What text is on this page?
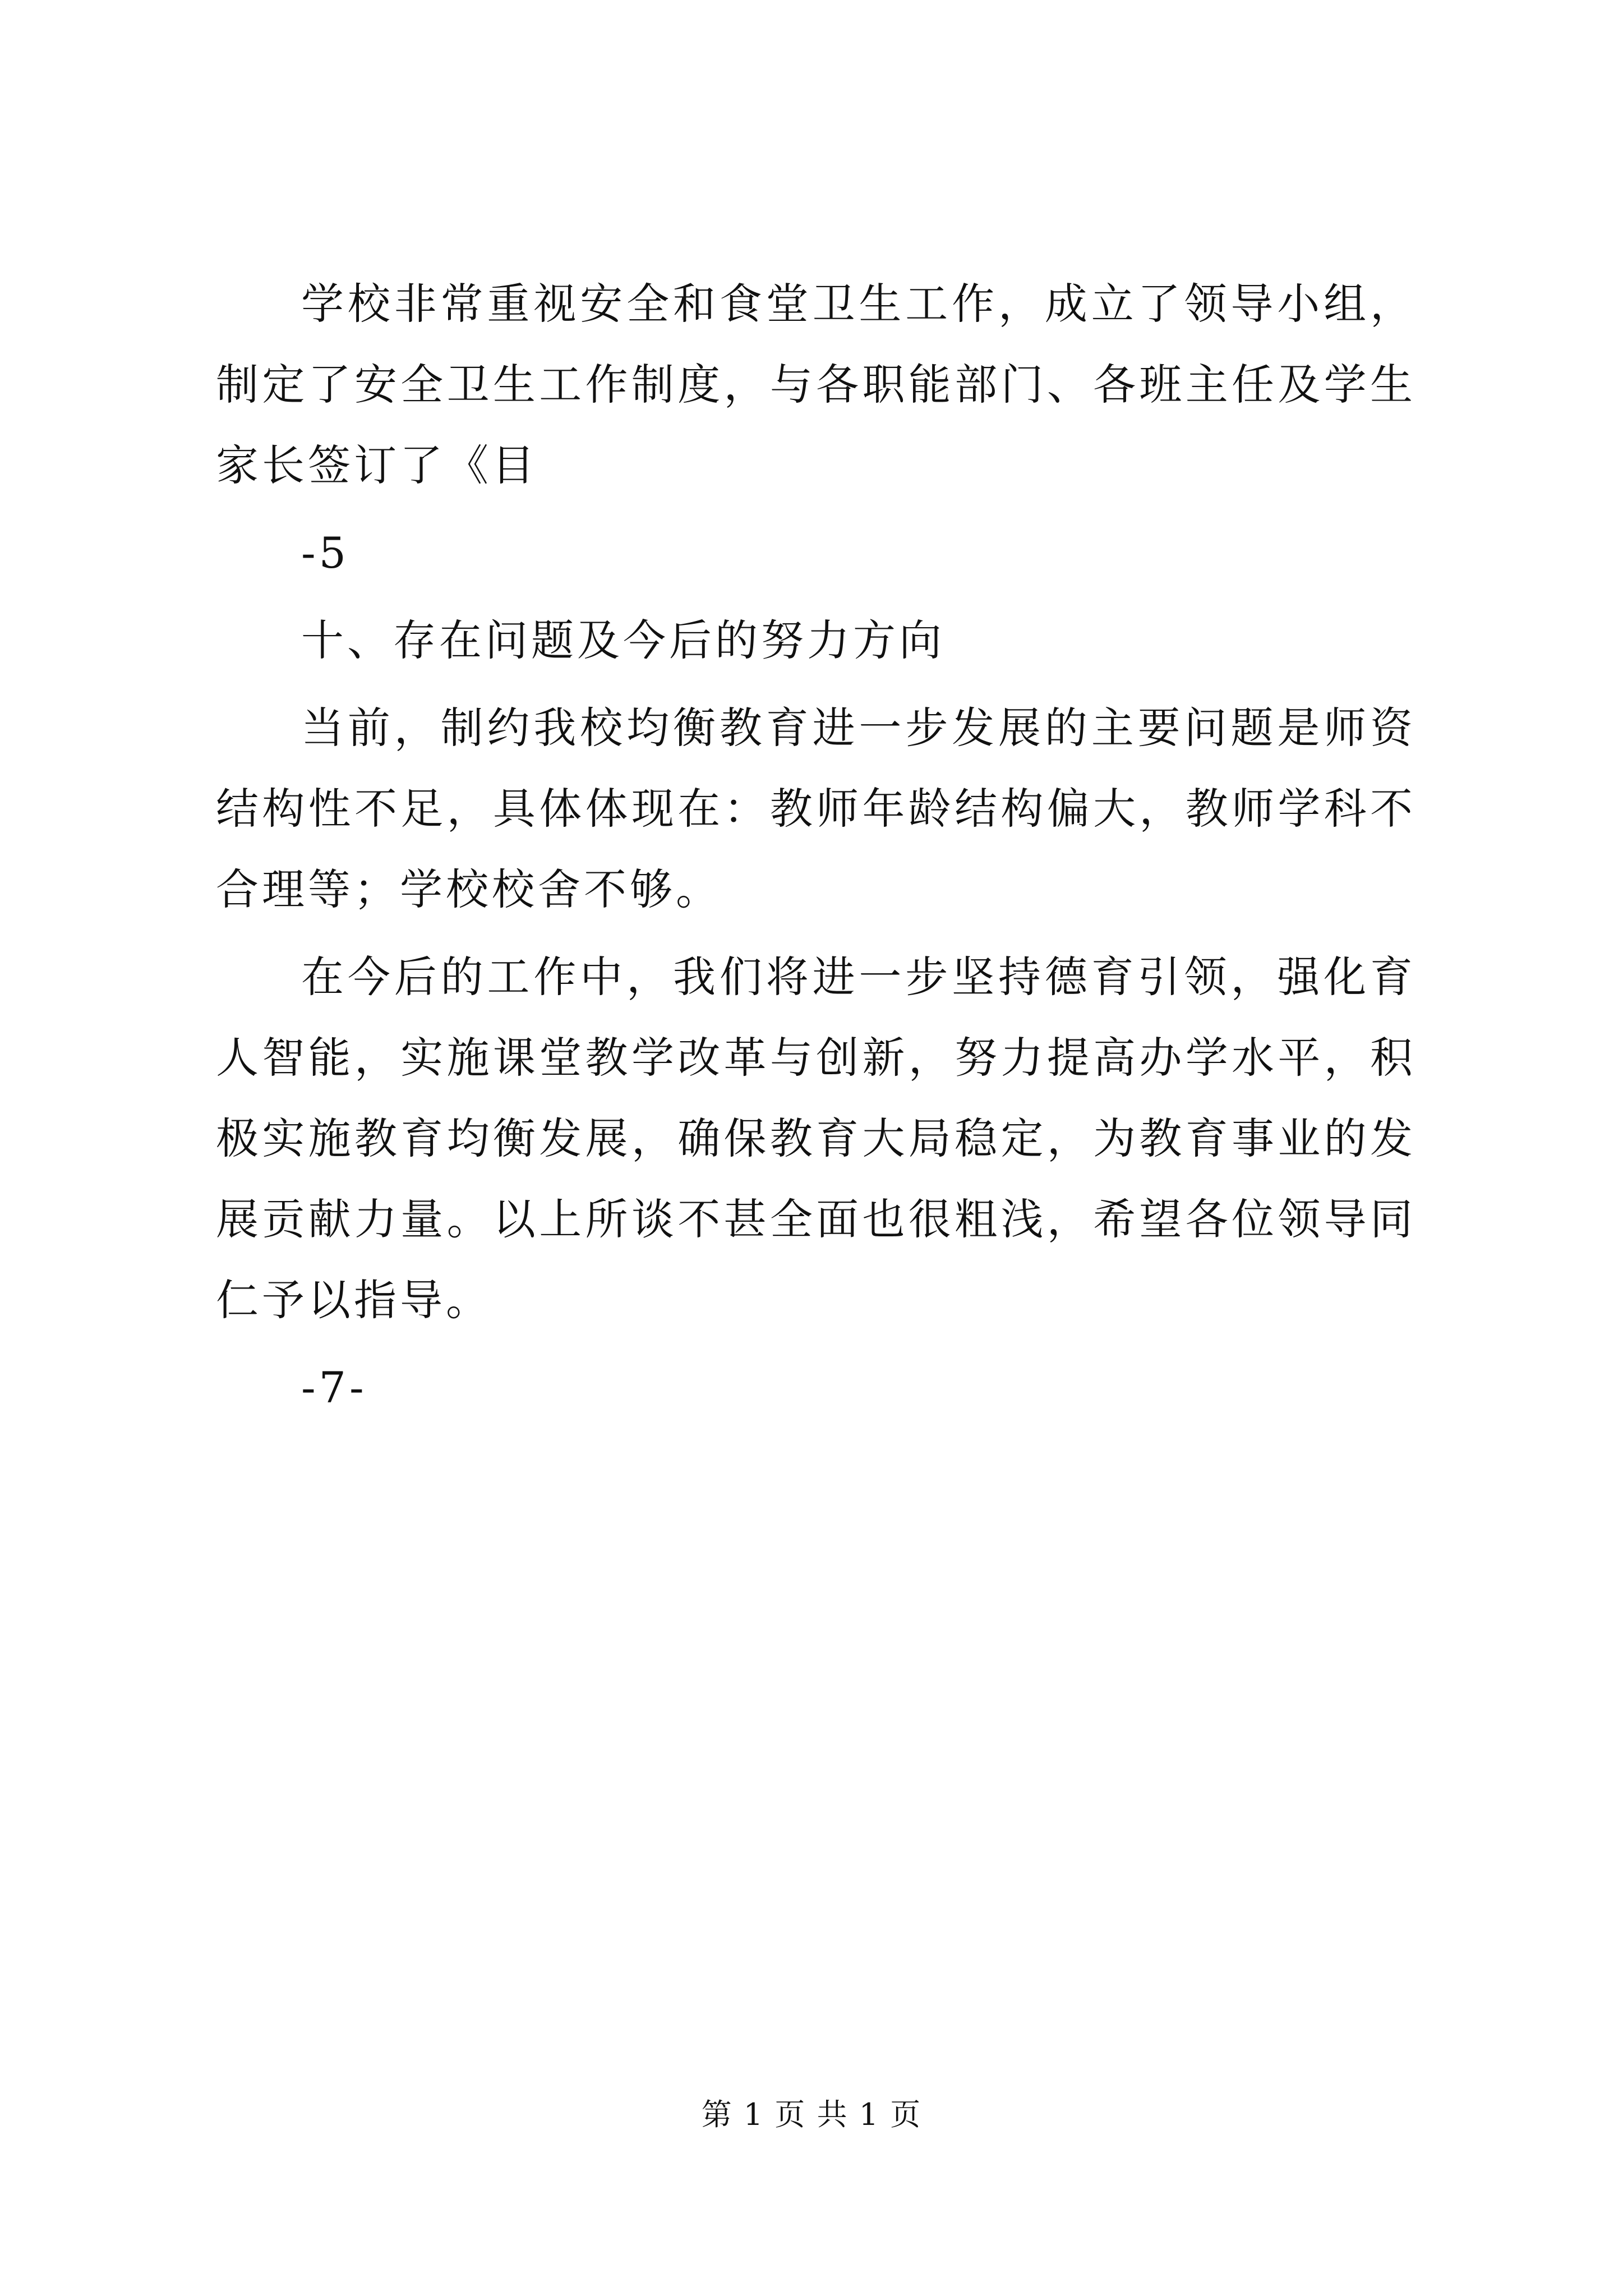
学校非常重视安全和食堂卫生工作，成立了领导小组，制定了安全卫生工作制度，与各职能部门、各班主任及学生家长签订了《目

-5

十、存在问题及今后的努力方向

当前，制约我校均衡教育进一步发展的主要问题是师资结构性不足，具体体现在：教师年龄结构偏大，教师学科不合理等；学校校舍不够。

在今后的工作中，我们将进一步坚持德育引领，强化育人智能，实施课堂教学改革与创新，努力提高办学水平，积极实施教育均衡发展，确保教育大局稳定，为教育事业的发展贡献力量。以上所谈不甚全面也很粗浅，希望各位领导同仁予以指导。

-7-

第 1 页 共 1 页
